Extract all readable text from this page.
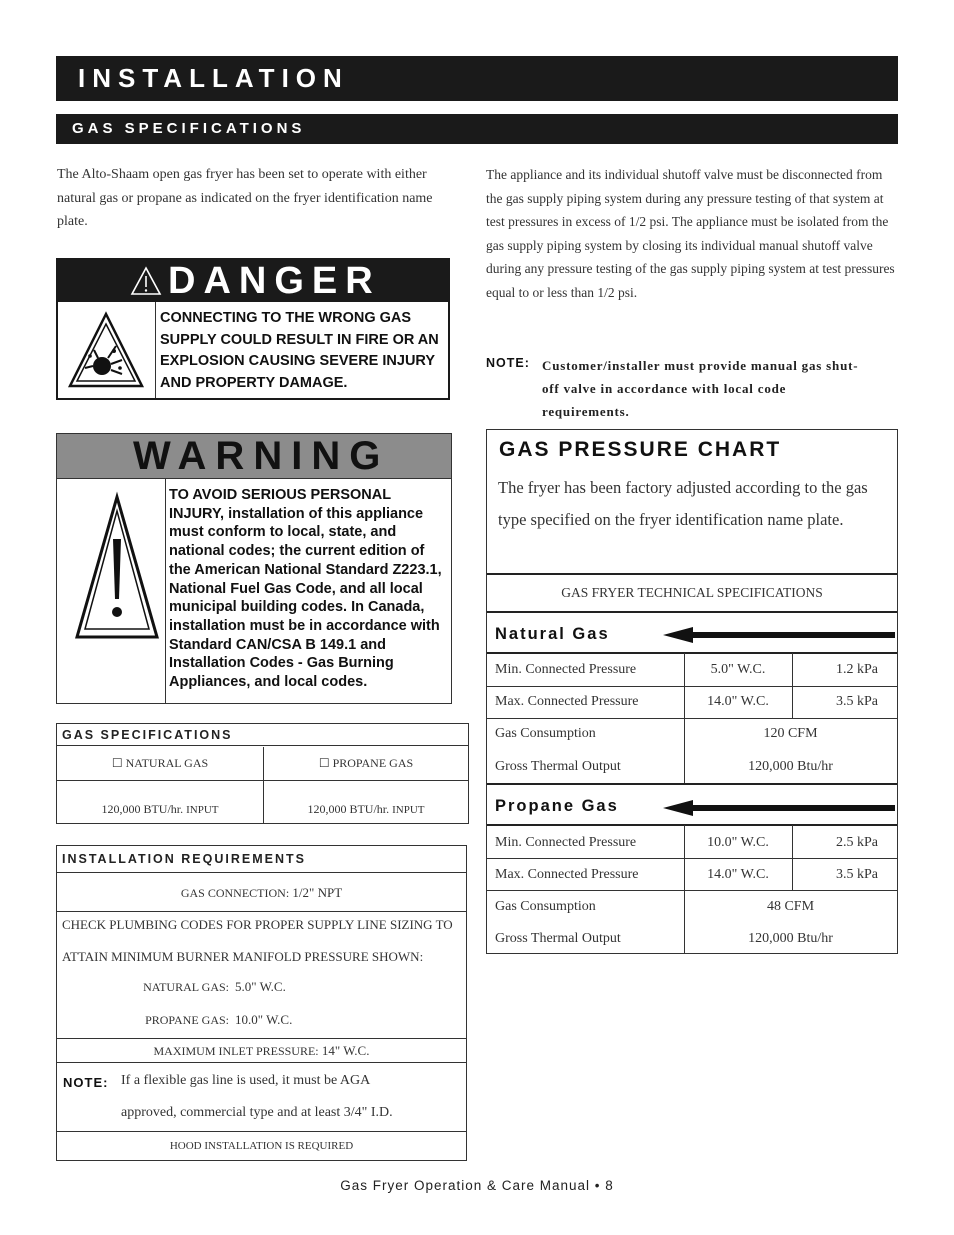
INSTALLATION
GAS SPECIFICATIONS
The Alto-Shaam open gas fryer has been set to operate with either natural gas or propane as indicated on the fryer identification name plate.
DANGER
CONNECTING TO THE WRONG GAS SUPPLY COULD RESULT IN FIRE OR AN EXPLOSION CAUSING SEVERE INJURY AND PROPERTY DAMAGE.
WARNING
TO AVOID SERIOUS PERSONAL INJURY, installation of this appliance must conform to local, state, and national codes; the current edition of the American National Standard Z223.1, National Fuel Gas Code, and all local municipal building codes. In Canada, installation must be in accordance with Standard CAN/CSA B 149.1 and Installation Codes - Gas Burning Appliances, and local codes.
GAS SPECIFICATIONS
☐ NATURAL GAS	☐ PROPANE GAS
120,000 BTU/hr. INPUT	120,000 BTU/hr. INPUT
INSTALLATION REQUIREMENTS
GAS CONNECTION: 1/2" NPT
CHECK PLUMBING CODES FOR PROPER SUPPLY LINE SIZING TO
ATTAIN MINIMUM BURNER MANIFOLD PRESSURE SHOWN:
NATURAL GAS: 5.0" W.C.
PROPANE GAS: 10.0" W.C.
MAXIMUM INLET PRESSURE: 14" W.C.
NOTE: If a flexible gas line is used, it must be AGA
approved, commercial type and at least 3/4" I.D.
HOOD INSTALLATION IS REQUIRED
The appliance and its individual shutoff valve must be disconnected from the gas supply piping system during any pressure testing of that system at test pressures in excess of 1/2 psi. The appliance must be isolated from the gas supply piping system by closing its individual manual shutoff valve during any pressure testing of the gas supply piping system at test pressures equal to or less than 1/2 psi.
NOTE: Customer/installer must provide manual gas shut-
off valve in accordance with local code
requirements.
GAS PRESSURE CHART
The fryer has been factory adjusted according to the gas type specified on the fryer identification name plate.
GAS FRYER TECHNICAL SPECIFICATIONS
Natural Gas
Min. Connected Pressure	5.0" W.C.	1.2 kPa
Max. Connected Pressure	14.0" W.C.	3.5 kPa
Gas Consumption	120 CFM
Gross Thermal Output	120,000 Btu/hr
Propane Gas
Min. Connected Pressure	10.0" W.C.	2.5 kPa
Max. Connected Pressure	14.0" W.C.	3.5 kPa
Gas Consumption	48 CFM
Gross Thermal Output	120,000 Btu/hr
Gas Fryer Operation & Care Manual • 8
